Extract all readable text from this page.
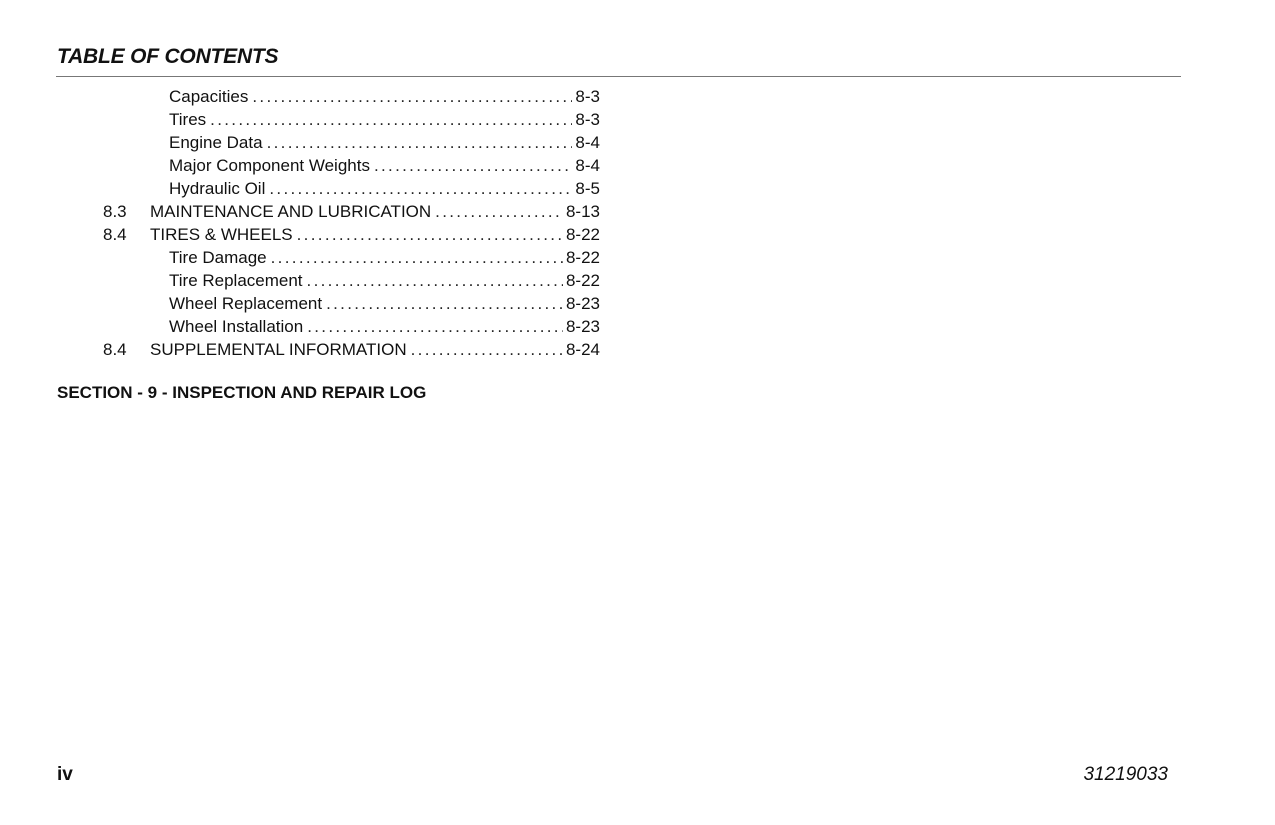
TABLE OF CONTENTS
Capacities . . .	8-3
Tires . . .	8-3
Engine Data . . .	8-4
Major Component Weights . . .	8-4
Hydraulic Oil . . .	8-5
8.3 MAINTENANCE AND LUBRICATION . . .	8-13
8.4 TIRES & WHEELS . . .	8-22
Tire Damage . . .	8-22
Tire Replacement . . .	8-22
Wheel Replacement . . .	8-23
Wheel Installation . . .	8-23
8.4 SUPPLEMENTAL INFORMATION . . .	8-24
SECTION - 9 - INSPECTION AND REPAIR LOG
iv	31219033
